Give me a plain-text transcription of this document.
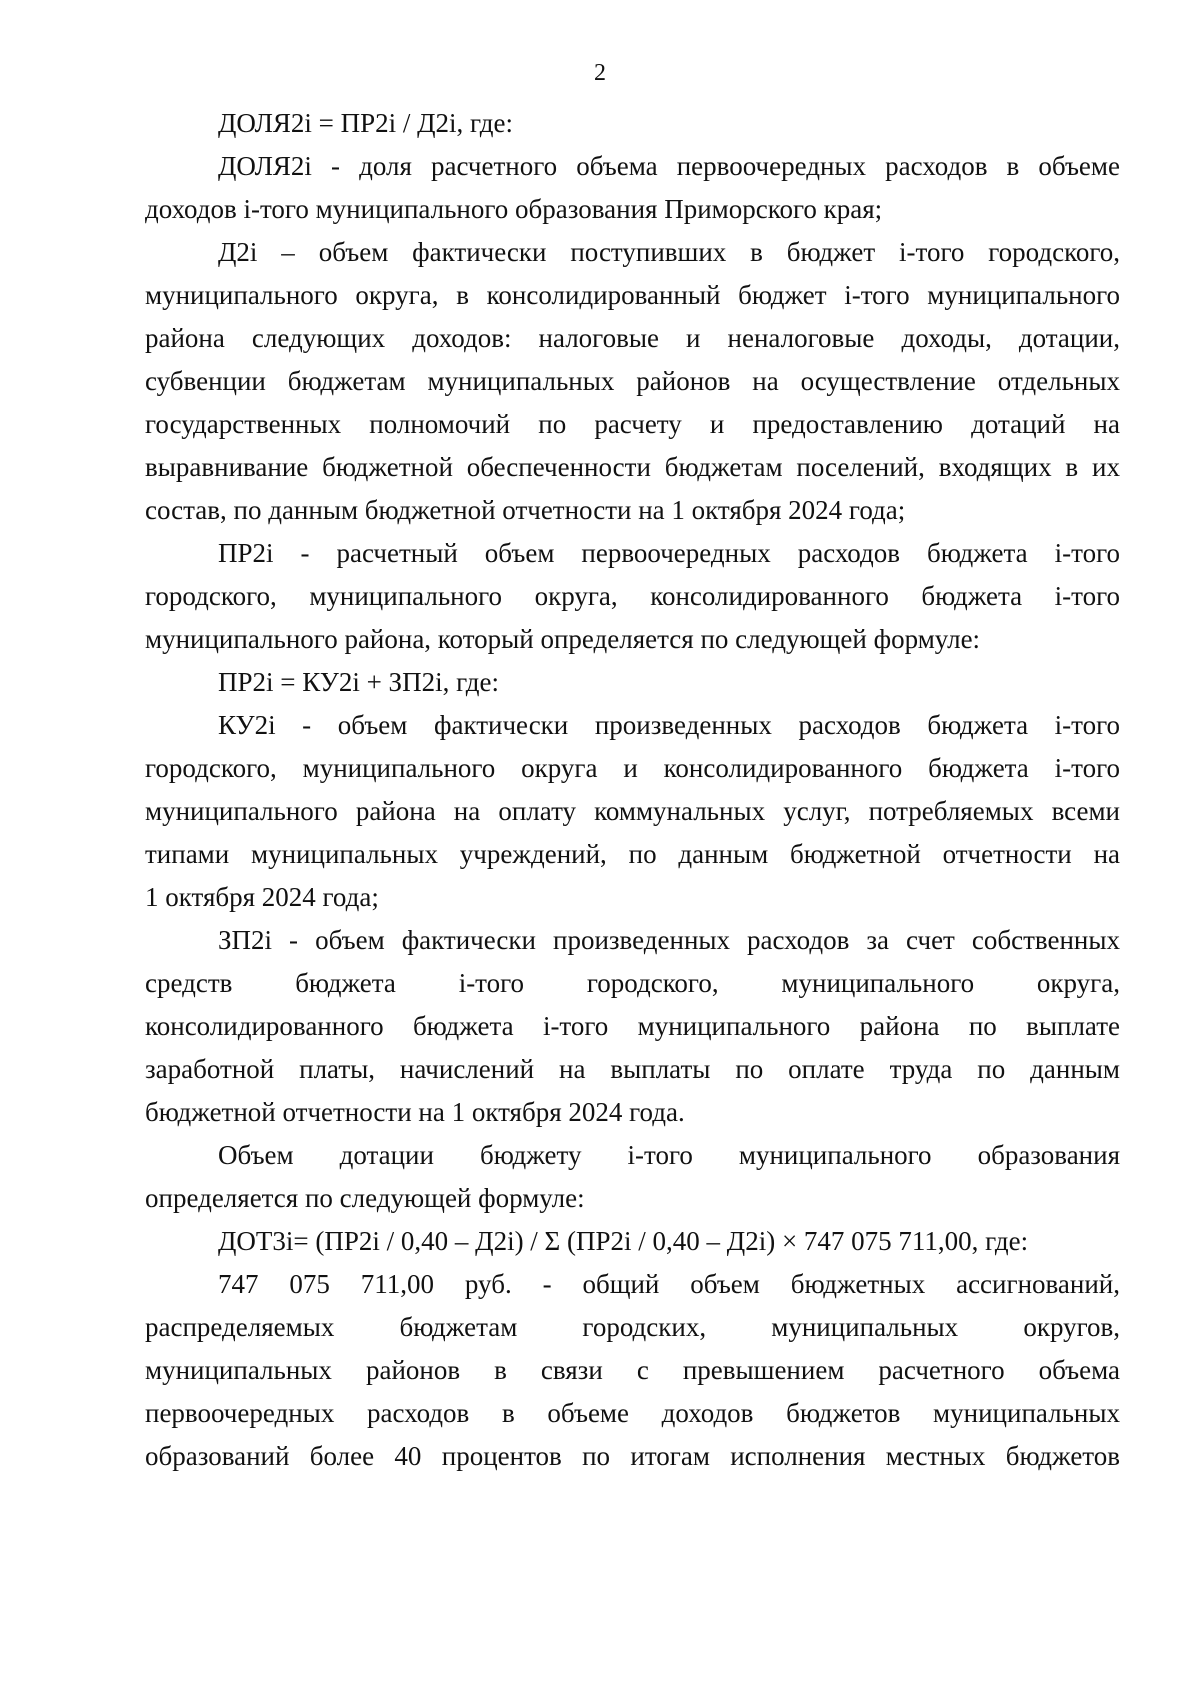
2
ДОЛЯ2i = ПР2i / Д2i, где:
ДОЛЯ2i - доля расчетного объема первоочередных расходов в объеме
доходов i-того муниципального образования Приморского края;
Д2i – объем фактически поступивших в бюджет i-того городского,
муниципального округа, в консолидированный бюджет i-того муниципального
района следующих доходов: налоговые и неналоговые доходы, дотации,
субвенции бюджетам муниципальных районов на осуществление отдельных
государственных полномочий по расчету и предоставлению дотаций на
выравнивание бюджетной обеспеченности бюджетам поселений, входящих в их
состав, по данным бюджетной отчетности на 1 октября 2024 года;
ПР2i - расчетный объем первоочередных расходов бюджета i-того
городского, муниципального округа, консолидированного бюджета i-того
муниципального района, который определяется по следующей формуле:
ПР2i = КУ2i + ЗП2i, где:
КУ2i - объем фактически произведенных расходов бюджета i-того
городского, муниципального округа и консолидированного бюджета i-того
муниципального района на оплату коммунальных услуг, потребляемых всеми
типами муниципальных учреждений, по данным бюджетной отчетности на
1 октября 2024 года;
ЗП2i - объем фактически произведенных расходов за счет собственных
средств бюджета i-того городского, муниципального округа,
консолидированного бюджета i-того муниципального района по выплате
заработной платы, начислений на выплаты по оплате труда по данным
бюджетной отчетности на 1 октября 2024 года.
Объем дотации бюджету i-того муниципального образования
определяется по следующей формуле:
ДОТ3i= (ПР2i / 0,40 – Д2i) / Σ (ПР2i / 0,40 – Д2i) × 747 075 711,00, где:
747 075 711,00 руб. - общий объем бюджетных ассигнований,
распределяемых бюджетам городских, муниципальных округов,
муниципальных районов в связи с превышением расчетного объема
первоочередных расходов в объеме доходов бюджетов муниципальных
образований более 40 процентов по итогам исполнения местных бюджетов
